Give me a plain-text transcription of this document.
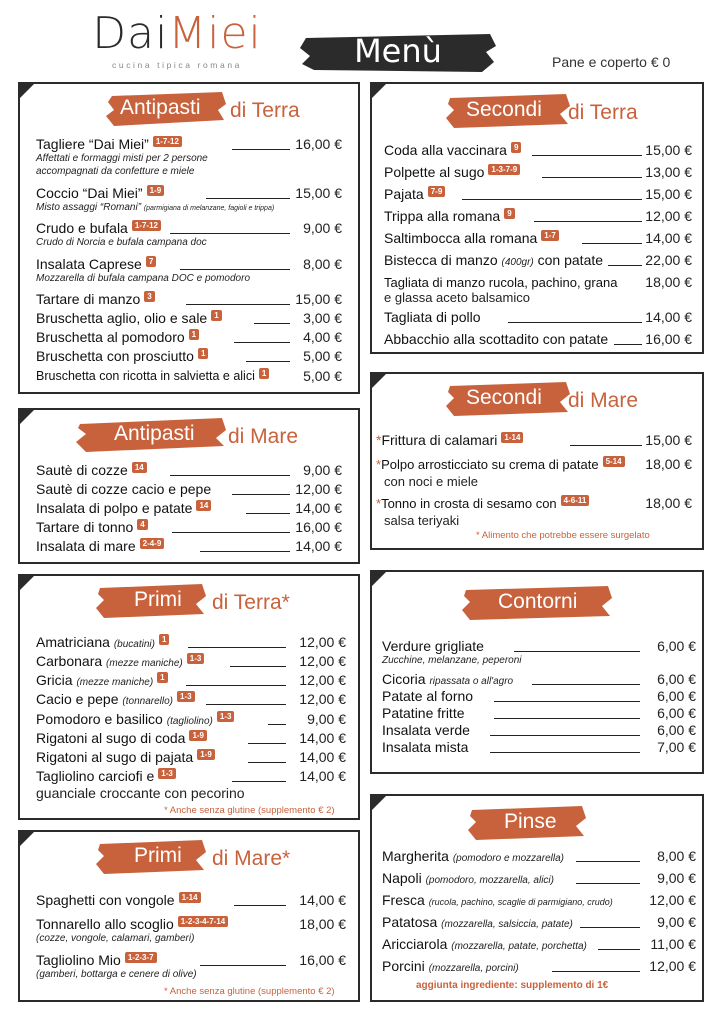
DaiMiei
cucina tipica romana	Menù	Pane e coperto € 0
Antipasti di Terra
Tagliere “Dai Miei” 1-7-12	16,00 €
Affettati e formaggi misti per 2 persone
accompagnati da confetture e miele
Coccio “Dai Miei” 1-9	15,00 €
Misto assaggi “Romani” (parmigiana di melanzane, fagioli e trippa)
Crudo e bufala 1-7-12	9,00 €
Crudo di Norcia e bufala campana doc
Insalata Caprese 7	8,00 €
Mozzarella di bufala campana DOC e pomodoro
Tartare di manzo 3	15,00 €
Bruschetta aglio, olio e sale 1	3,00 €
Bruschetta al pomodoro 1	4,00 €
Bruschetta con prosciutto 1	5,00 €
Bruschetta con ricotta in salvietta e alici 1	5,00 €
Antipasti di Mare
Sautè di cozze 14	9,00 €
Sautè di cozze cacio e pepe	12,00 €
Insalata di polpo e patate 14	14,00 €
Tartare di tonno 4	16,00 €
Insalata di mare 2-4-9	14,00 €
Primi di Terra*
Amatriciana (bucatini) 1	12,00 €
Carbonara (mezze maniche) 1-3	12,00 €
Gricia (mezze maniche) 1	12,00 €
Cacio e pepe (tonnarello) 1-3	12,00 €
Pomodoro e basilico (tagliolino) 1-3	9,00 €
Rigatoni al sugo di coda 1-9	14,00 €
Rigatoni al sugo di pajata 1-9	14,00 €
Tagliolino carciofi e 1-3	14,00 €
guanciale croccante con pecorino
* Anche senza glutine (supplemento € 2)
Primi di Mare*
Spaghetti con vongole 1-14	14,00 €
Tonnarello allo scoglio 1-2-3-4-7-14	18,00 €
(cozze, vongole, calamari, gamberi)
Tagliolino Mio 1-2-3-7	16,00 €
(gamberi, bottarga e cenere di olive)
* Anche senza glutine (supplemento € 2)
Secondi di Terra
Coda alla vaccinara 9	15,00 €
Polpette al sugo 1-3-7-9	13,00 €
Pajata 7-9	15,00 €
Trippa alla romana 9	12,00 €
Saltimbocca alla romana 1-7	14,00 €
Bistecca di manzo (400gr) con patate	22,00 €
Tagliata di manzo rucola, pachino, grana	18,00 €
e glassa aceto balsamico
Tagliata di pollo	14,00 €
Abbacchio alla scottadito con patate	16,00 €
Secondi di Mare
*Frittura di calamari 1-14	15,00 €
*Polpo arrosticciato su crema di patate 5-14	18,00 €
con noci e miele
*Tonno in crosta di sesamo con 4-6-11	18,00 €
salsa teriyaki
* Alimento che potrebbe essere surgelato
Contorni
Verdure grigliate	6,00 €
Zucchine, melanzane, peperoni
Cicoria ripassata o all'agro	6,00 €
Patate al forno	6,00 €
Patatine fritte	6,00 €
Insalata verde	6,00 €
Insalata mista	7,00 €
Pinse
Margherita (pomodoro e mozzarella)	8,00 €
Napoli (pomodoro, mozzarella, alici)	9,00 €
Fresca (rucola, pachino, scaglie di parmigiano, crudo)	12,00 €
Patatosa (mozzarella, salsiccia, patate)	9,00 €
Aricciarola (mozzarella, patate, porchetta)	11,00 €
Porcini (mozzarella, porcini)	12,00 €
aggiunta ingrediente: supplemento di 1€
